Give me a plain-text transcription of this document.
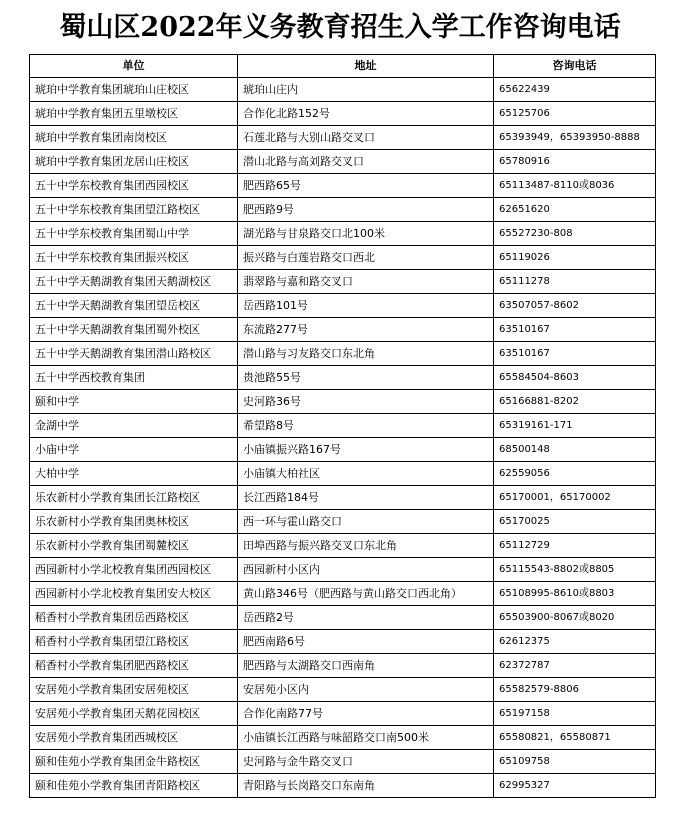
蜀山区2022年义务教育招生入学工作咨询电话
单位	地址	咨询电话
琥珀中学教育集团琥珀山庄校区	琥珀山庄内	65622439
琥珀中学教育集团五里墩校区	合作化北路152号	65125706
琥珀中学教育集团南岗校区	石莲北路与大别山路交叉口	65393949，65393950-8888
琥珀中学教育集团龙居山庄校区	潜山北路与高刘路交叉口	65780916
五十中学东校教育集团西园校区	肥西路65号	65113487-8110或8036
五十中学东校教育集团望江路校区	肥西路9号	62651620
五十中学东校教育集团蜀山中学	湖光路与甘泉路交口北100米	65527230-808
五十中学东校教育集团振兴校区	振兴路与白莲岩路交口西北	65119026
五十中学天鹅湖教育集团天鹅湖校区	翡翠路与嘉和路交叉口	65111278
五十中学天鹅湖教育集团望岳校区	岳西路101号	63507057-8602
五十中学天鹅湖教育集团蜀外校区	东流路277号	63510167
五十中学天鹅湖教育集团潜山路校区	潜山路与习友路交口东北角	63510167
五十中学西校教育集团	贵池路55号	65584504-8603
颐和中学	史河路36号	65166881-8202
金湖中学	希望路8号	65319161-171
小庙中学	小庙镇振兴路167号	68500148
大柏中学	小庙镇大柏社区	62559056
乐农新村小学教育集团长江路校区	长江西路184号	65170001，65170002
乐农新村小学教育集团奥林校区	西一环与霍山路交口	65170025
乐农新村小学教育集团蜀麓校区	田埠西路与振兴路交叉口东北角	65112729
西园新村小学北校教育集团西园校区	西园新村小区内	65115543-8802或8805
西园新村小学北校教育集团安大校区	黄山路346号（肥西路与黄山路交口西北角）	65108995-8610或8803
稻香村小学教育集团岳西路校区	岳西路2号	65503900-8067或8020
稻香村小学教育集团望江路校区	肥西南路6号	62612375
稻香村小学教育集团肥西路校区	肥西路与太湖路交口西南角	62372787
安居苑小学教育集团安居苑校区	安居苑小区内	65582579-8806
安居苑小学教育集团天鹅花园校区	合作化南路77号	65197158
安居苑小学教育集团西城校区	小庙镇长江西路与味韶路交口南500米	65580821，65580871
颐和佳苑小学教育集团金牛路校区	史河路与金牛路交叉口	65109758
颐和佳苑小学教育集团青阳路校区	青阳路与长岗路交口东南角	62995327
